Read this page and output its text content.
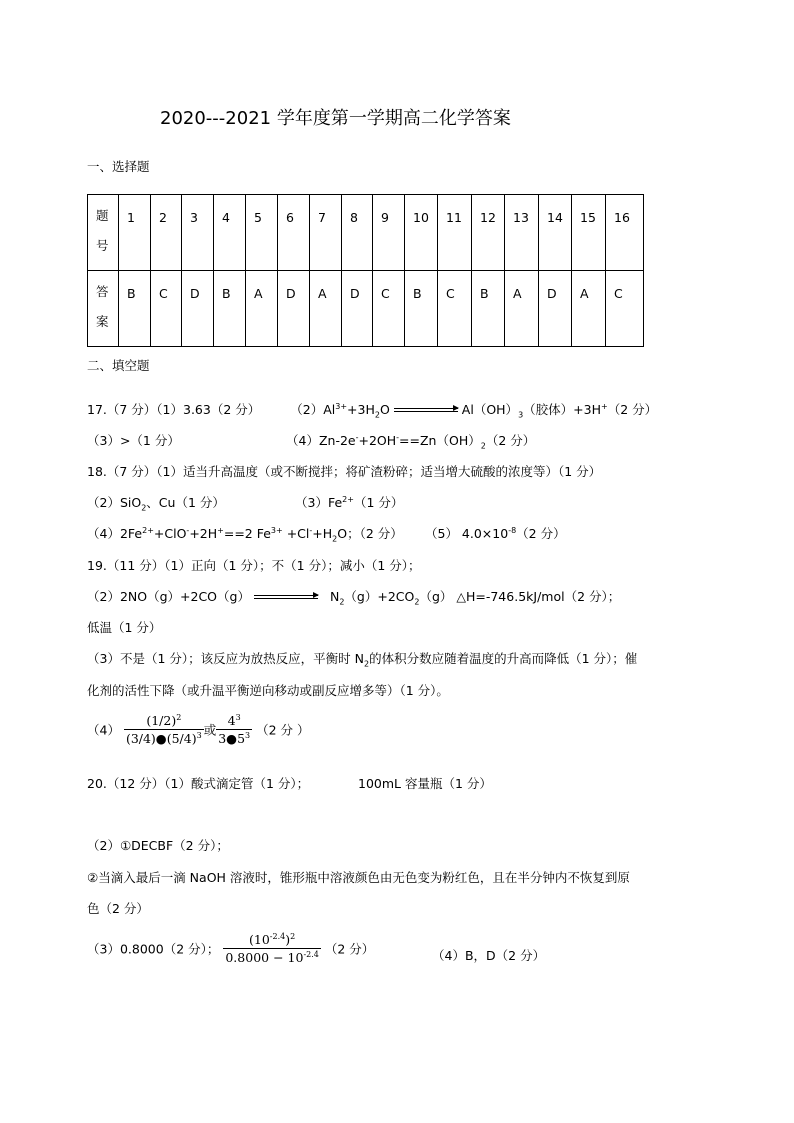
2020---2021 学年度第一学期高二化学答案
一、选择题
题
号	1	2	3	4	5	6	7	8	9	10	11	12	13	14	15	16
答
案	B	C	D	B	A	D	A	D	C	B	C	B	A	D	A	C
二、填空题
17.（7 分）（1）3.63（2 分） $(2)Al^{3+}+3H_2O$	$Al(OH)_3$（胶体）+3H+（2 分）
（3）>（1 分）	$(4)Zn-2e^-+2OH^-==Zn(OH)_2(2$ 分）
18.（7 分）（1）适当升高温度（或不断搅拌；将矿渣粉碎；适当增大硫酸的浓度等）（1 分）
（2）SiO$_2$、Cu（1 分）	$(3)Fe^{2+}(1$ 分）
$(4)2Fe^{2+}+ClO^-+2H^+==2$ $Fe^{3+} +Cl^-+H_2O$；（2 分） （5） $4.0\times 10^{-8}(2$ 分）
19.（11 分）（1）正向（1 分）；不（1 分）；减小（1 分）；
（2）2NO（g）+2CO（g）	$N_2(g)+2CO_2(g)$ △H=-746.5kJ/mol（2 分）；
低温（1 分）
（3）不是（1 分）；该反应为放热反应，平衡时 $N_2$的体积分数应随着温度的升高而降低（1 分）；催
化剂的活性下降（或升温平衡逆向移动或副反应增多等）（1 分）。
$(4) \frac{(1/2)^2}{(3/4)●(5/4)^3}$ 或 $\frac{4^3}{3●5^3} (2$ 分 ）
20.（12 分）（1）酸式滴定管（1 分）；	100mL 容量瓶（1 分）
（2）①DECBF（2 分）；
②当滴入最后一滴 NaOH 溶液时，锥形瓶中溶液颜色由无色变为粉红色，且在半分钟内不恢复到原
色（2 分）
（3）0.8000（2 分）； $\frac{(10^{-2.4})^2}{0.8000 - 10^{-2.4}} (2$ 分）	（4）B，D（2 分）
